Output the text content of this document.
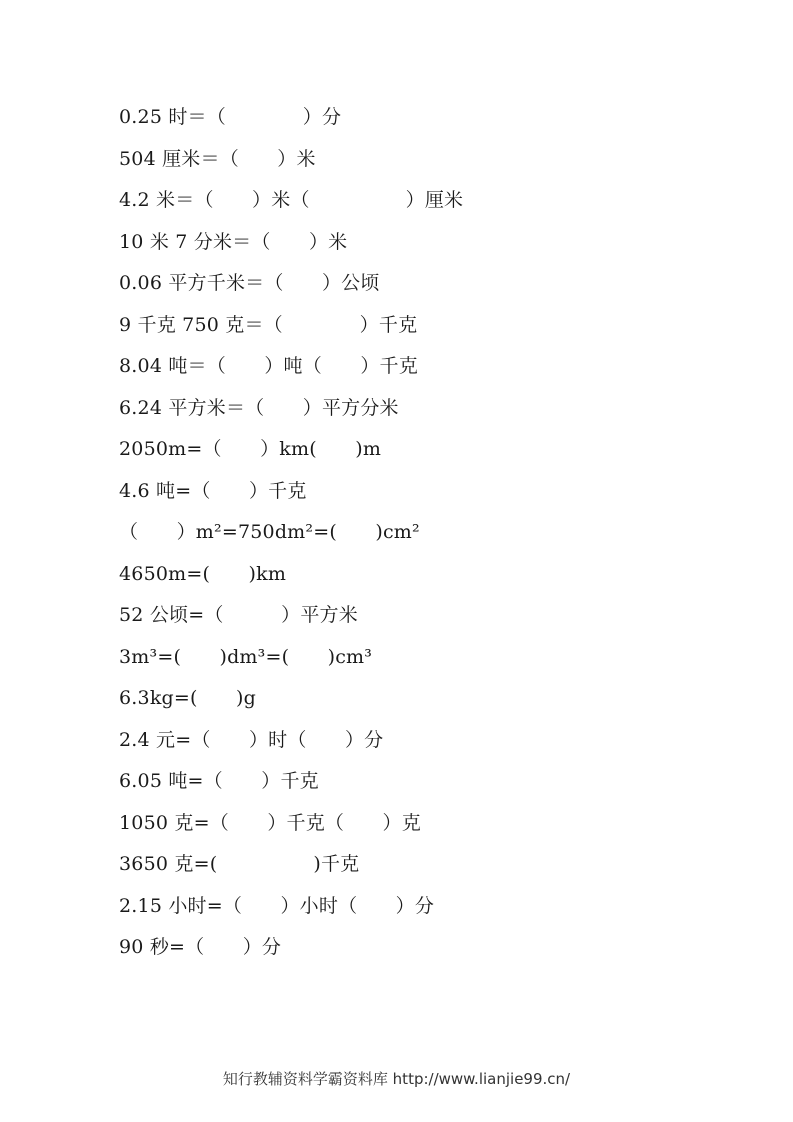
0.25 时＝（　　　　）分
504 厘米＝（　　）米
4.2 米＝（　　）米（　　　　　）厘米
10 米 7 分米＝（　　）米
0.06 平方千米＝（　　）公顷
9 千克 750 克＝（　　　　）千克
8.04 吨＝（　　）吨（　　）千克
6.24 平方米＝（　　）平方分米
2050m=（　　）km(　　)m
4.6 吨=（　　）千克
（　　）m²=750dm²=(　　)cm²
4650m=(　　)km
52 公顷=（　　　）平方米
3m³=(　　)dm³=(　　)cm³
6.3kg=(　　)g
2.4 元=（　　）时（　　）分
6.05 吨=（　　）千克
1050 克=（　　）千克（　　）克
3650 克=(　　　　　)千克
2.15 小时=（　　）小时（　　）分
90 秒=（　　）分
知行教辅资料学霸资料库 http://www.lianjie99.cn/
